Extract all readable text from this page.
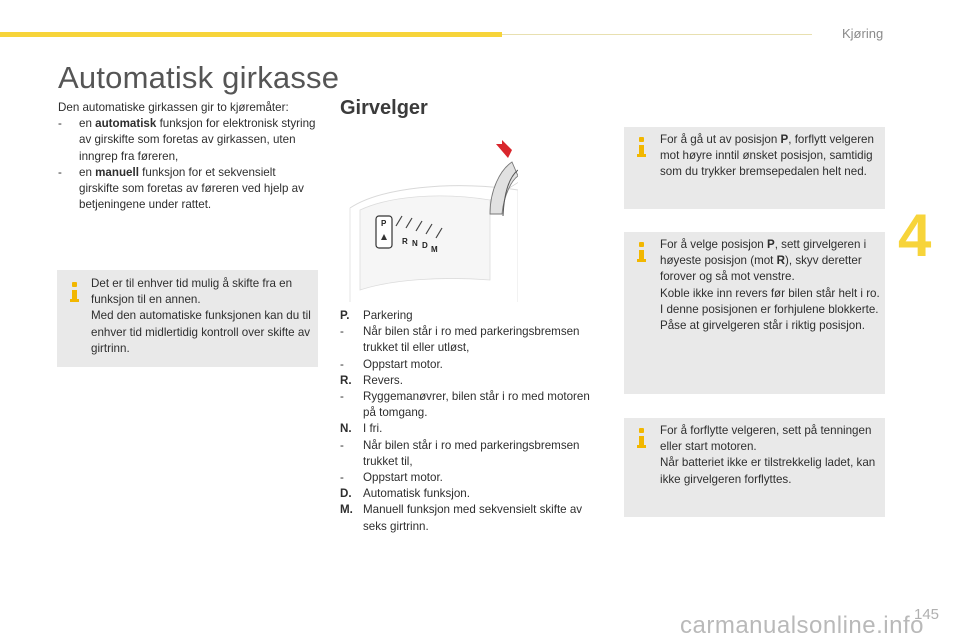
Kjøring
4
Automatisk girkasse
Girvelger

Den automatiske girkassen gir to kjøremåter:

-	en automatisk funksjon for elektronisk styring av girskifte som foretas av girkassen, uten inngrep fra føreren,
-	en manuell funksjon for et sekvensielt girskifte som foretas av føreren ved hjelp av betjeningene under rattet.

Det er til enhver tid mulig å skifte fra en funksjon til en annen.

Med den automatiske funksjonen kan du til enhver tid midlertidig kontroll over skifte av girtrinn.

P
R N D M
P.	Parkering
-	Når bilen står i ro med parkeringsbremsen trukket til eller utløst,
-	Oppstart motor.
R. Revers.
-	Ryggemanøvrer, bilen står i ro med motoren på tomgang.
N. I fri.
-	Når bilen står i ro med parkeringsbremsen trukket til,
-	Oppstart motor.
D. Automatisk funksjon.
M. Manuell funksjon med sekvensielt skifte av seks girtrinn.

For å gå ut av posisjon P, forflytt velgeren mot høyre inntil ønsket posisjon, samtidig som du trykker bremsepedalen helt ned.

For å velge posisjon P, sett girvelgeren i høyeste posisjon (mot R), skyv deretter forover og så mot venstre.

Koble ikke inn revers før bilen står helt i ro. I denne posisjonen er forhjulene blokkerte. Påse at girvelgeren står i riktig posisjon.

For å forflytte velgeren, sett på tenningen eller start motoren.

Når batteriet ikke er tilstrekkelig ladet, kan ikke girvelgeren forflyttes.

carmanualsonline.info
145
